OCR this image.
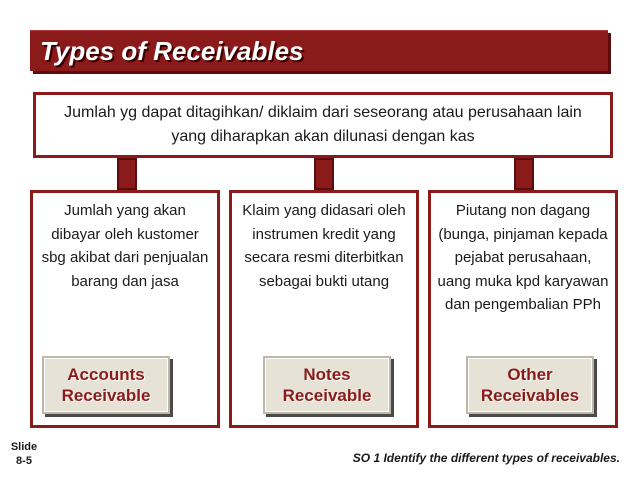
Types of Receivables
Jumlah yg dapat ditagihkan/ diklaim dari seseorang atau perusahaan lain yang diharapkan akan dilunasi dengan kas
Jumlah yang akan dibayar oleh kustomer sbg akibat dari penjualan barang dan jasa
Klaim yang didasari oleh instrumen kredit yang secara resmi diterbitkan sebagai bukti utang
Piutang non dagang (bunga, pinjaman kepada pejabat perusahaan, uang muka kpd karyawan dan pengembalian PPh
Accounts
Receivable
Notes
Receivable
Other
Receivables
Slide
8-5	SO 1 Identify the different types of receivables.
